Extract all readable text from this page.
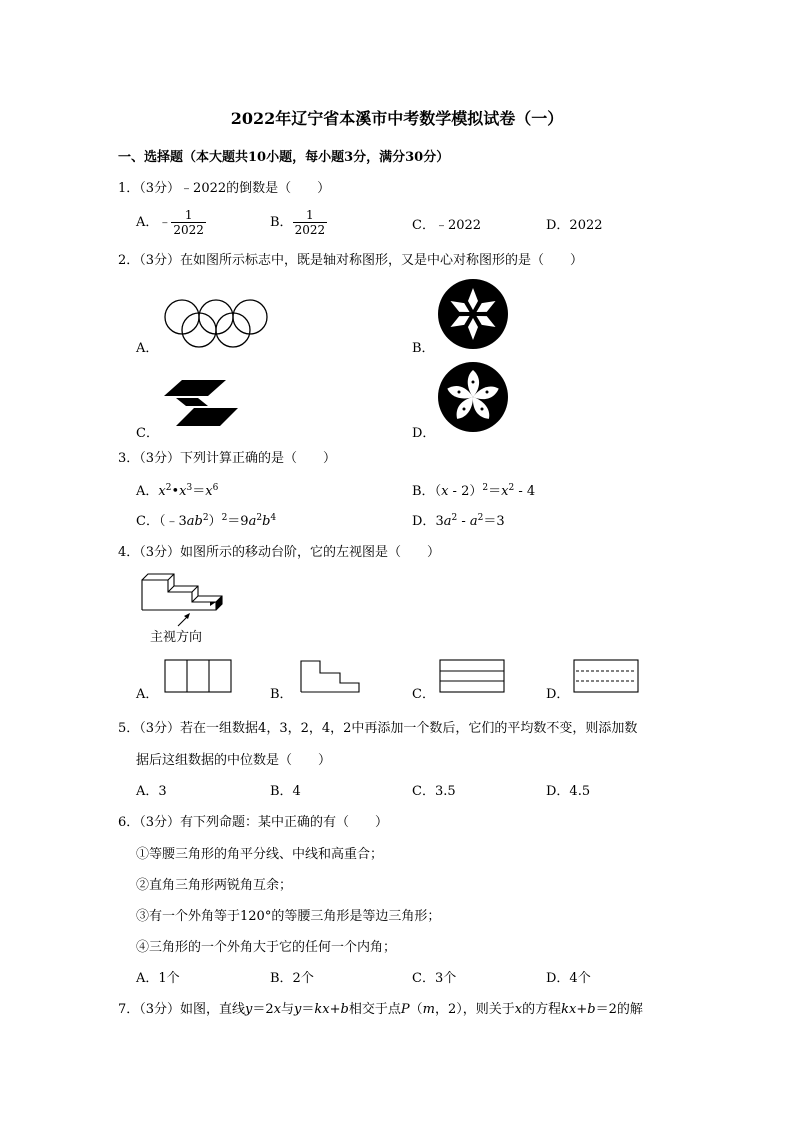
2022年辽宁省本溪市中考数学模拟试卷（一）
一、选择题（本大题共10小题，每小题3分，满分30分）
1．（3分）﹣2022的倒数是（　　）
A．﹣ $\frac{1}{2022}$	B． $\frac{1}{2022}$	C．﹣2022	D．2022
2．（3分）在如图所示标志中，既是轴对称图形，又是中心对称图形的是（　　）
A．	B．
C．	D．
3．（3分）下列计算正确的是（　　）
A．$x^2•x^3=x^6$	B．$(x - 2)^2=x^2 - 4$
C．$(﹣3ab^2)^2=9a^2b^4$	D．$3a^2 - a^2=3$
4．（3分）如图所示的移动台阶，它的左视图是（　　）
主视方向
A．	B．	C．	D．
5．（3分）若在一组数据4，3，2，4，2中再添加一个数后，它们的平均数不变，则添加数
据后这组数据的中位数是（　　）
A．3	B．4	C．3.5	D．4.5
6．（3分）有下列命题：某中正确的有（　　）
①等腰三角形的角平分线、中线和高重合；
②直角三角形两锐角互余；
③有一个外角等于120°的等腰三角形是等边三角形；
④三角形的一个外角大于它的任何一个内角；
A．1个	B．2个	C．3个	D．4个
7．（3分）如图，直线y＝2x与y＝kx+b相交于点P（m，2），则关于x的方程kx+b＝2的解
